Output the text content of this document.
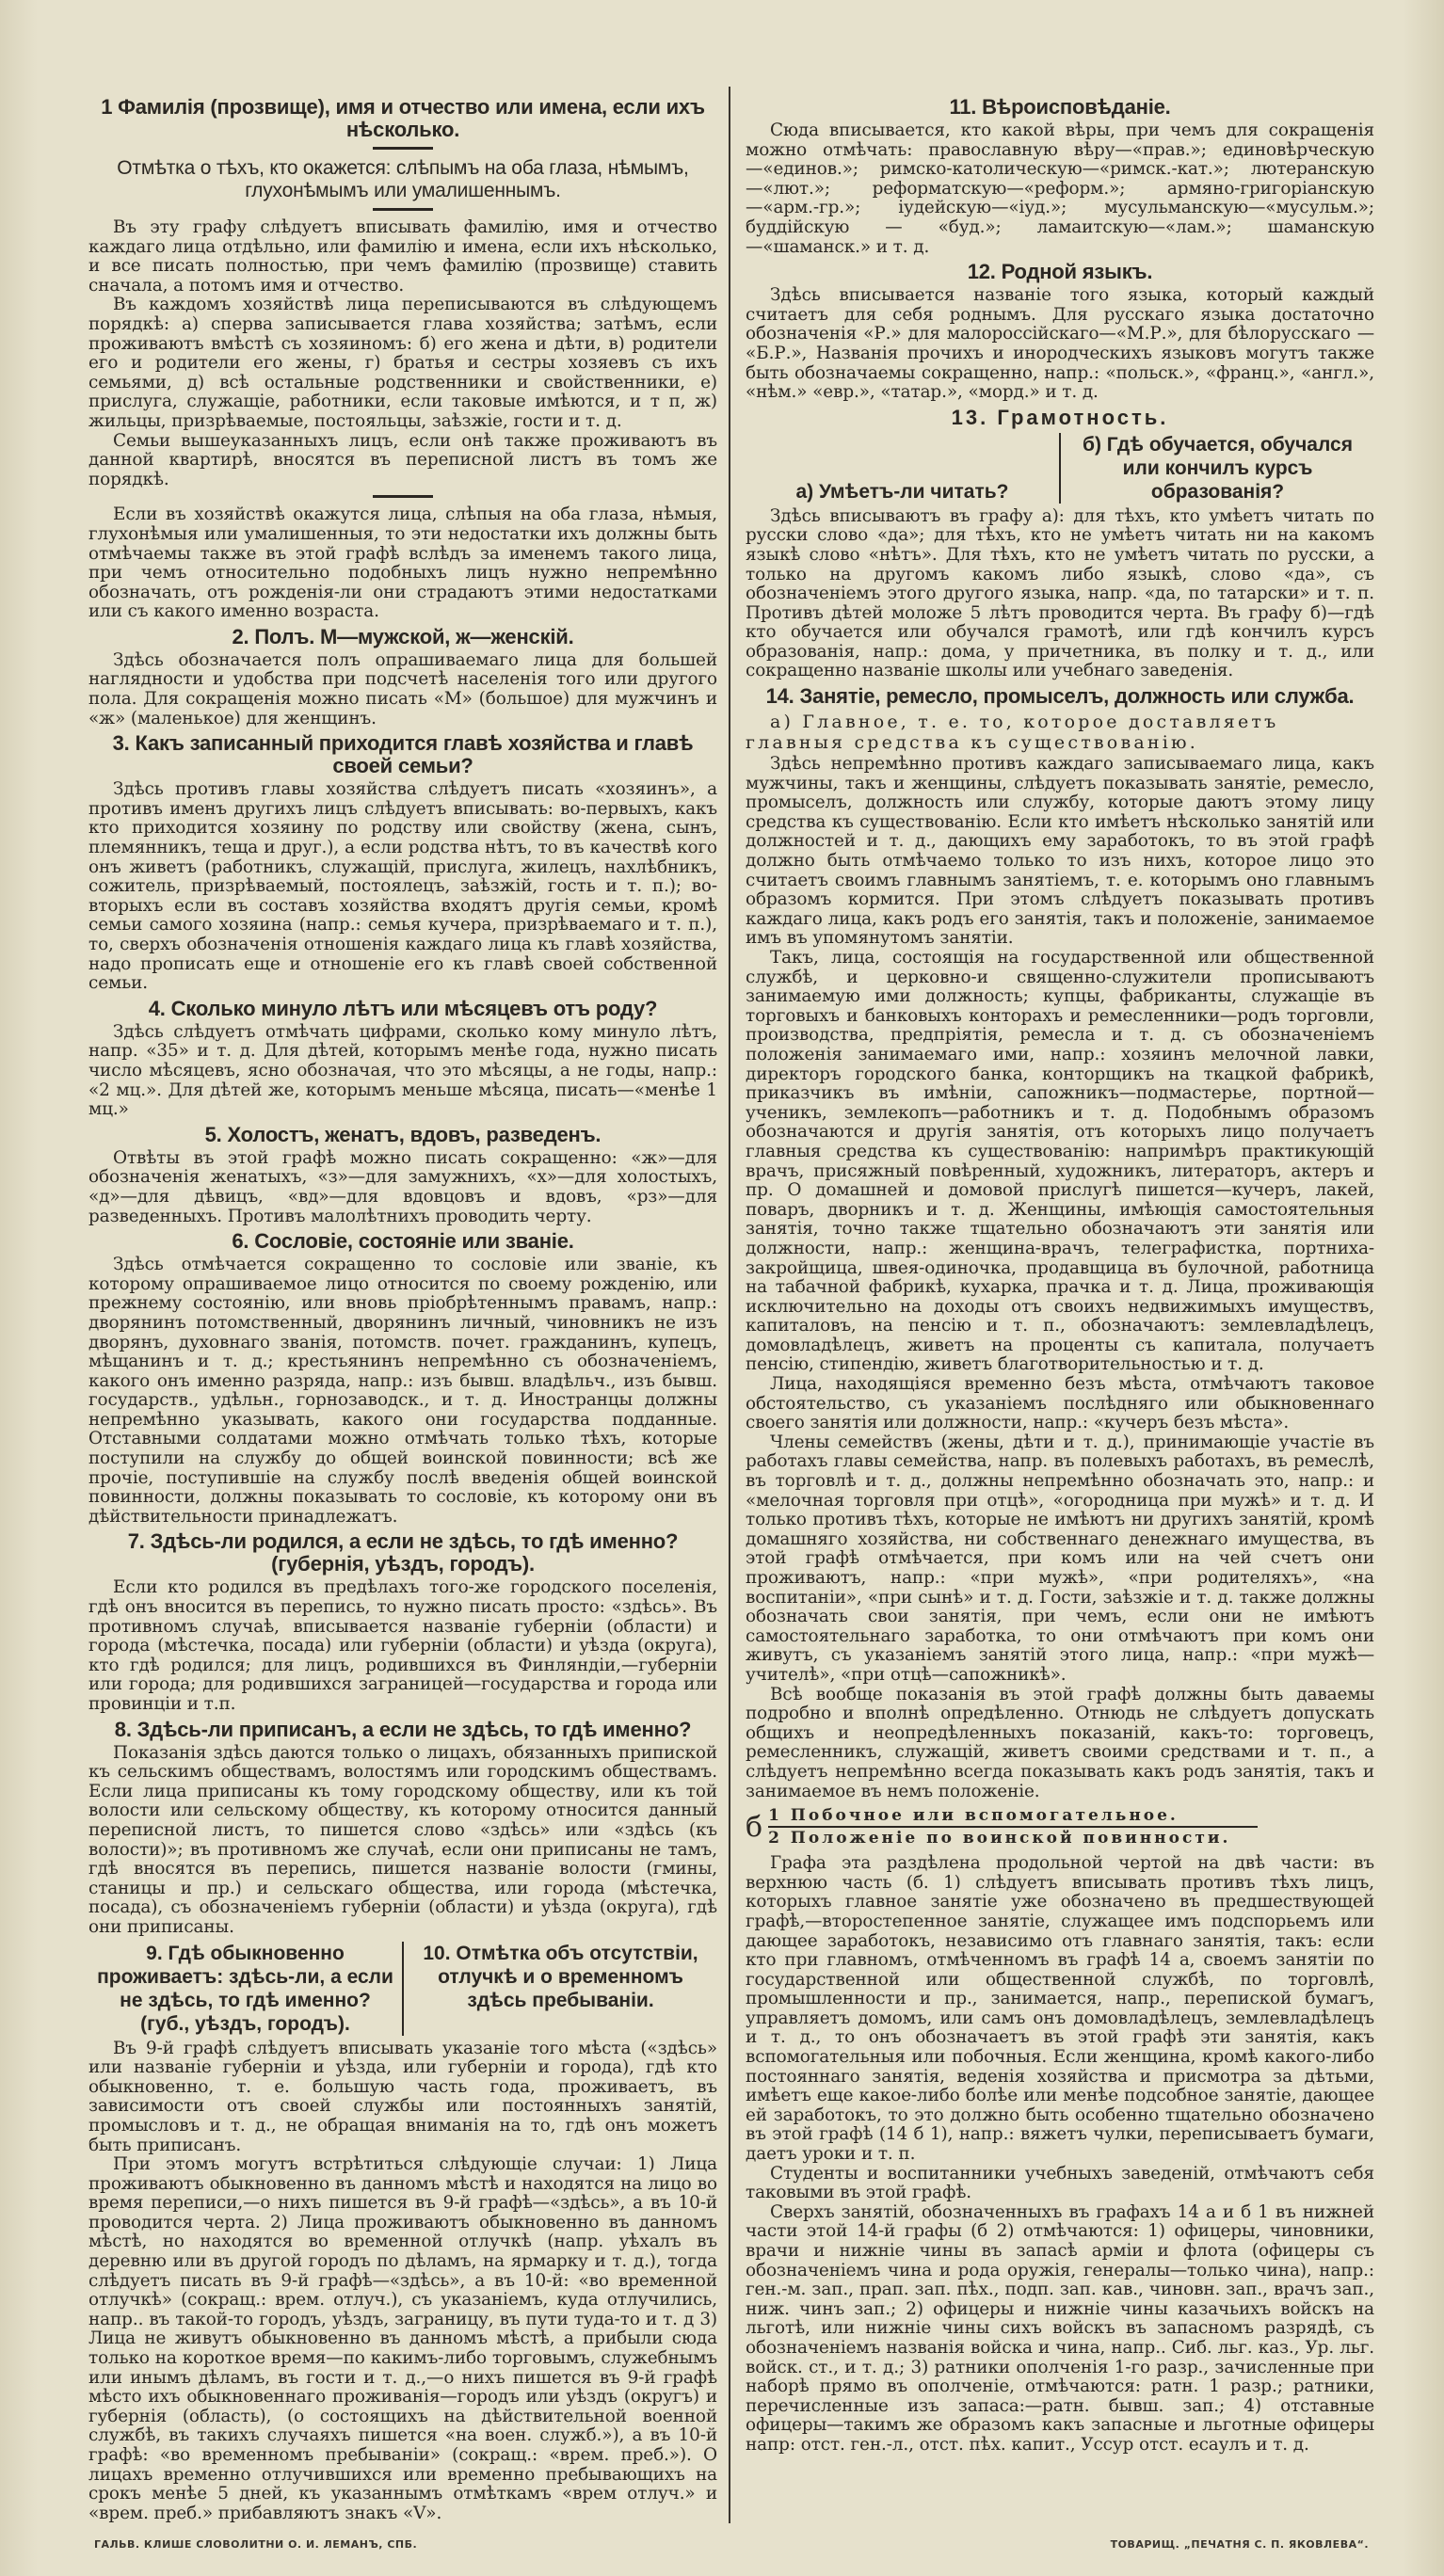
1 Фамилія (прозвище), имя и отчество или имена, если ихъ нѣсколько.
Отмѣтка о тѣхъ, кто окажется: слѣпымъ на оба глаза, нѣмымъ, глухонѣмымъ или умалишеннымъ.

Въ эту графу слѣдуетъ вписывать фамилію, имя и отчество каждаго лица отдѣльно, или фамилію и имена, если ихъ нѣсколько, и все писать полностью, при чемъ фамилію (прозвище) ставить сначала, а потомъ имя и отчество.

Въ каждомъ хозяйствѣ лица переписываются въ слѣдующемъ порядкѣ: а) сперва записывается глава хозяйства; затѣмъ, если проживаютъ вмѣстѣ съ хозяиномъ: б) его жена и дѣти, в) родители его и родители его жены, г) братья и сестры хозяевъ съ ихъ семьями, д) всѣ остальные родственники и свойственники, е) прислуга, служащіе, работники, если таковые имѣются, и т п, ж) жильцы, призрѣваемые, постояльцы, заѣзжіе, гости и т. д.

Семьи вышеуказанныхъ лицъ, если онѣ также проживаютъ въ данной квартирѣ, вносятся въ переписной листъ въ томъ же порядкѣ.

Если въ хозяйствѣ окажутся лица, слѣпыя на оба глаза, нѣмыя, глухонѣмыя или умалишенныя, то эти недостатки ихъ должны быть отмѣчаемы также въ этой графѣ вслѣдъ за именемъ такого лица, при чемъ относительно подобныхъ лицъ нужно непремѣнно обозначать, отъ рожденія-ли они страдаютъ этими недостатками или съ какого именно возраста.

2. Полъ. М—мужской, ж—женскій.

Здѣсь обозначается полъ опрашиваемаго лица для большей наглядности и удобства при подсчетѣ населенія того или другого пола. Для сокращенія можно писать «М» (большое) для мужчинъ и «ж» (маленькое) для женщинъ.

3. Какъ записанный приходится главѣ хозяйства и главѣ своей семьи?

Здѣсь противъ главы хозяйства слѣдуетъ писать «хозяинъ», а противъ именъ другихъ лицъ слѣдуетъ вписывать: во-первыхъ, какъ кто приходится хозяину по родству или свойству (жена, сынъ, племянникъ, теща и друг.), а если родства нѣтъ, то въ качествѣ кого онъ живетъ (работникъ, служащій, прислуга, жилецъ, нахлѣбникъ, сожитель, призрѣваемый, постоялецъ, заѣзжій, гость и т. п.); во-вторыхъ если въ составъ хозяйства входятъ другія семьи, кромѣ семьи самого хозяина (напр.: семья кучера, призрѣваемаго и т. п.), то, сверхъ обозначенія отношенія каждаго лица къ главѣ хозяйства, надо прописать еще и отношеніе его къ главѣ своей собственной семьи.

4. Сколько минуло лѣтъ или мѣсяцевъ отъ роду?

Здѣсь слѣдуетъ отмѣчать цифрами, сколько кому минуло лѣтъ, напр. «35» и т. д. Для дѣтей, которымъ менѣе года, нужно писать число мѣсяцевъ, ясно обозначая, что это мѣсяцы, а не годы, напр.: «2 мц.». Для дѣтей же, которымъ меньше мѣсяца, писать—«менѣе 1 мц.»

5. Холостъ, женатъ, вдовъ, разведенъ.

Отвѣты въ этой графѣ можно писать сокращенно: «ж»—для обозначенія женатыхъ, «з»—для замужнихъ, «х»—для холостыхъ, «д»—для дѣвицъ, «вд»—для вдовцовъ и вдовъ, «рз»—для разведенныхъ. Противъ малолѣтнихъ проводить черту.

6. Сословіе, состояніе или званіе.

Здѣсь отмѣчается сокращенно то сословіе или званіе, къ которому опрашиваемое лицо относится по своему рожденію, или прежнему состоянію, или вновь пріобрѣтеннымъ правамъ, напр.: дворянинъ потомственный, дворянинъ личный, чиновникъ не изъ дворянъ, духовнаго званія, потомств. почет. гражданинъ, купецъ, мѣщанинъ и т. д.; крестьянинъ непремѣнно съ обозначеніемъ, какого онъ именно разряда, напр.: изъ бывш. владѣльч., изъ бывш. государств., удѣльн., горнозаводск., и т. д. Иностранцы должны непремѣнно указывать, какого они государства подданные. Отставными солдатами можно отмѣчать только тѣхъ, которые поступили на службу до общей воинской повинности; всѣ же прочіе, поступившіе на службу послѣ введенія общей воинской повинности, должны показывать то сословіе, къ которому они въ дѣйствительности принадлежатъ.

7. Здѣсь-ли родился, а если не здѣсь, то гдѣ именно? (губернія, уѣздъ, городъ).

Если кто родился въ предѣлахъ того-же городского поселенія, гдѣ онъ вносится въ перепись, то нужно писать просто: «здѣсь». Въ противномъ случаѣ, вписывается названіе губерніи (области) и города (мѣстечка, посада) или губерніи (области) и уѣзда (округа), кто гдѣ родился; для лицъ, родившихся въ Финляндіи,—губерніи или города; для родившихся заграницей—государства и города или провинціи и т.п.

8. Здѣсь-ли приписанъ, а если не здѣсь, то гдѣ именно?

Показанія здѣсь даются только о лицахъ, обязанныхъ припиской къ сельскимъ обществамъ, волостямъ или городскимъ обществамъ. Если лица приписаны къ тому городскому обществу, или къ той волости или сельскому обществу, къ которому относится данный переписной листъ, то пишется слово «здѣсь» или «здѣсь (къ волости)»; въ противномъ же случаѣ, если они приписаны не тамъ, гдѣ вносятся въ перепись, пишется названіе волости (гмины, станицы и пр.) и сельскаго общества, или города (мѣстечка, посада), съ обозначеніемъ губерніи (области) и уѣзда (округа), гдѣ они приписаны.

9. Гдѣ обыкновенно проживаетъ: здѣсь-ли, а если не здѣсь, то гдѣ именно? (губ., уѣздъ, городъ).
10. Отмѣтка объ отсутствіи, отлучкѣ и о временномъ здѣсь пребываніи.

Въ 9-й графѣ слѣдуетъ вписывать указаніе того мѣста («здѣсь» или названіе губерніи и уѣзда, или губерніи и города), гдѣ кто обыкновенно, т. е. большую часть года, проживаетъ, въ зависимости отъ своей службы или постоянныхъ занятій, промысловъ и т. д., не обращая вниманія на то, гдѣ онъ можетъ быть приписанъ.

При этомъ могутъ встрѣтиться слѣдующіе случаи: 1) Лица проживаютъ обыкновенно въ данномъ мѣстѣ и находятся на лицо во время переписи,—о нихъ пишется въ 9-й графѣ—«здѣсь», а въ 10-й проводится черта. 2) Лица проживаютъ обыкновенно въ данномъ мѣстѣ, но находятся во временной отлучкѣ (напр. уѣхалъ въ деревню или въ другой городъ по дѣламъ, на ярмарку и т. д.), тогда слѣдуетъ писать въ 9-й графѣ—«здѣсь», а въ 10-й: «во временной отлучкѣ» (сокращ.: врем. отлуч.), съ указаніемъ, куда отлучились, напр.. въ такой-то городъ, уѣздъ, заграницу, въ пути туда-то и т. д 3) Лица не живутъ обыкновенно въ данномъ мѣстѣ, а прибыли сюда только на короткое время—по какимъ-либо торговымъ, служебнымъ или инымъ дѣламъ, въ гости и т. д.,—о нихъ пишется въ 9-й графѣ мѣсто ихъ обыкновеннаго проживанія—городъ или уѣздъ (округъ) и губернія (область), (о состоящихъ на дѣйствительной военной службѣ, въ такихъ случаяхъ пишется «на воен. служб.»), а въ 10-й графѣ: «во временномъ пребываніи» (сокращ.: «врем. преб.»). О лицахъ временно отлучившихся или временно пребывающихъ на срокъ менѣе 5 дней, къ указаннымъ отмѣткамъ «врем отлуч.» и «врем. преб.» прибавляютъ знакъ «V».

11. Вѣроисповѣданіе.

Сюда вписывается, кто какой вѣры, при чемъ для сокращенія можно отмѣчать: православную вѣру—«прав.»; единовѣрческую—«единов.»; римско-католическую—«римск.-кат.»; лютеранскую—«лют.»; реформатскую—«реформ.»; армяно-григоріанскую—«арм.-гр.»; іудейскую—«іуд.»; мусульманскую—«мусульм.»; буддійскую — «буд.»; ламаитскую—«лам.»; шаманскую—«шаманск.» и т. д.

12. Родной языкъ.

Здѣсь вписывается названіе того языка, который каждый считаетъ для себя роднымъ. Для русскаго языка достаточно обозначенія «Р.» для малороссійскаго—«М.Р.», для бѣлорусскаго — «Б.Р.», Названія прочихъ и инородческихъ языковъ могутъ также быть обозначаемы сокращенно, напр.: «польск.», «франц.», «англ.», «нѣм.» «евр.», «татар.», «морд.» и т. д.

13. Грамотность.
а) Умѣетъ-ли читать?
б) Гдѣ обучается, обучался или кончилъ курсъ образованія?

Здѣсь вписываютъ въ графу а): для тѣхъ, кто умѣетъ читать по русски слово «да»; для тѣхъ, кто не умѣетъ читать ни на какомъ языкѣ слово «нѣтъ». Для тѣхъ, кто не умѣетъ читать по русски, а только на другомъ какомъ либо языкѣ, слово «да», съ обозначеніемъ этого другого языка, напр. «да, по татарски» и т. п. Противъ дѣтей моложе 5 лѣтъ проводится черта. Въ графу б)—гдѣ кто обучается или обучался грамотѣ, или гдѣ кончилъ курсъ образованія, напр.: дома, у причетника, въ полку и т. д., или сокращенно названіе школы или учебнаго заведенія.

14. Занятіе, ремесло, промыселъ, должность или служба.
а) Главное, т. е. то, которое доставляетъ главныя средства къ существованію.

Здѣсь непремѣнно противъ каждаго записываемаго лица, какъ мужчины, такъ и женщины, слѣдуетъ показывать занятіе, ремесло, промыселъ, должность или службу, которые даютъ этому лицу средства къ существованію. Если кто имѣетъ нѣсколько занятій или должностей и т. д., дающихъ ему заработокъ, то въ этой графѣ должно быть отмѣчаемо только то изъ нихъ, которое лицо это считаетъ своимъ главнымъ занятіемъ, т. е. которымъ оно главнымъ образомъ кормится. При этомъ слѣдуетъ показывать противъ каждаго лица, какъ родъ его занятія, такъ и положеніе, занимаемое имъ въ упомянутомъ занятіи.

Такъ, лица, состоящія на государственной или общественной службѣ, и церковно-и священно-служители прописываютъ занимаемую ими должность; купцы, фабриканты, служащіе въ торговыхъ и банковыхъ конторахъ и ремесленники—родъ торговли, производства, предпріятія, ремесла и т. д. съ обозначеніемъ положенія занимаемаго ими, напр.: хозяинъ мелочной лавки, директоръ городского банка, конторщикъ на ткацкой фабрикѣ, приказчикъ въ имѣніи, сапожникъ—подмастерье, портной—ученикъ, землекопъ—работникъ и т. д. Подобнымъ образомъ обозначаются и другія занятія, отъ которыхъ лицо получаетъ главныя средства къ существованію: напримѣръ практикующій врачъ, присяжный повѣренный, художникъ, литераторъ, актеръ и пр. О домашней и домовой прислугѣ пишется—кучеръ, лакей, поваръ, дворникъ и т. д. Женщины, имѣющія самостоятельныя занятія, точно также тщательно обозначаютъ эти занятія или должности, напр.: женщина-врачъ, телеграфистка, портниха-закройщица, швея-одиночка, продавщица въ булочной, работница на табачной фабрикѣ, кухарка, прачка и т. д. Лица, проживающія исключительно на доходы отъ своихъ недвижимыхъ имуществъ, капиталовъ, на пенсію и т. п., обозначаютъ: землевладѣлецъ, домовладѣлецъ, живетъ на проценты съ капитала, получаетъ пенсію, стипендію, живетъ благотворительностью и т. д.

Лица, находящіяся временно безъ мѣста, отмѣчаютъ таковое обстоятельство, съ указаніемъ послѣдняго или обыкновеннаго своего занятія или должности, напр.: «кучеръ безъ мѣста».

Члены семействъ (жены, дѣти и т. д.), принимающіе участіе въ работахъ главы семейства, напр. въ полевыхъ работахъ, въ ремеслѣ, въ торговлѣ и т. д., должны непремѣнно обозначать это, напр.: и «мелочная торговля при отцѣ», «огородница при мужѣ» и т. д. И только противъ тѣхъ, которые не имѣютъ ни другихъ занятій, кромѣ домашняго хозяйства, ни собственнаго денежнаго имущества, въ этой графѣ отмѣчается, при комъ или на чей счетъ они проживаютъ, напр.: «при мужѣ», «при родителяхъ», «на воспитаніи», «при сынѣ» и т. д. Гости, заѣзжіе и т. д. также должны обозначать свои занятія, при чемъ, если они не имѣютъ самостоятельнаго заработка, то они отмѣчаютъ при комъ они живутъ, съ указаніемъ занятій этого лица, напр.: «при мужѣ—учителѣ», «при отцѣ—сапожникѣ».

Всѣ вообще показанія въ этой графѣ должны быть даваемы подробно и вполнѣ опредѣленно. Отнюдь не слѣдуетъ допускать общихъ и неопредѣленныхъ показаній, какъ-то: торговецъ, ремесленникъ, служащій, живетъ своими средствами и т. п., а слѣдуетъ непремѣнно всегда показывать какъ родъ занятія, такъ и занимаемое въ немъ положеніе.

б 1 Побочное или вспомогательное.
2 Положеніе по воинской повинности.

Графа эта раздѣлена продольной чертой на двѣ части: въ верхнюю часть (б. 1) слѣдуетъ вписывать противъ тѣхъ лицъ, которыхъ главное занятіе уже обозначено въ предшествующей графѣ,—второстепенное занятіе, служащее имъ подспорьемъ или дающее заработокъ, независимо отъ главнаго занятія, такъ: если кто при главномъ, отмѣченномъ въ графѣ 14 а, своемъ занятіи по государственной или общественной службѣ, по торговлѣ, промышленности и пр., занимается, напр., перепиской бумагъ, управляетъ домомъ, или самъ онъ домовладѣлецъ, землевладѣлецъ и т. д., то онъ обозначаетъ въ этой графѣ эти занятія, какъ вспомогательныя или побочныя. Если женщина, кромѣ какого-либо постояннаго занятія, веденія хозяйства и присмотра за дѣтьми, имѣетъ еще какое-либо болѣе или менѣе подсобное занятіе, дающее ей заработокъ, то это должно быть особенно тщательно обозначено въ этой графѣ (14 б 1), напр.: вяжетъ чулки, переписываетъ бумаги, даетъ уроки и т. п.

Студенты и воспитанники учебныхъ заведеній, отмѣчаютъ себя таковыми въ этой графѣ.

Сверхъ занятій, обозначенныхъ въ графахъ 14 а и б 1 въ нижней части этой 14-й графы (б 2) отмѣчаются: 1) офицеры, чиновники, врачи и нижніе чины въ запасѣ арміи и флота (офицеры съ обозначеніемъ чина и рода оружія, генералы—только чина), напр.: ген.-м. зап., прап. зап. пѣх., подп. зап. кав., чиновн. зап., врачъ зап., ниж. чинъ зап.; 2) офицеры и нижніе чины казачьихъ войскъ на льготѣ, или нижніе чины сихъ войскъ въ запасномъ разрядѣ, съ обозначеніемъ названія войска и чина, напр.. Сиб. льг. каз., Ур. льг. войск. ст., и т. д.; 3) ратники ополченія 1-го разр., зачисленные при наборѣ прямо въ ополченіе, отмѣчаются: ратн. 1 разр.; ратники, перечисленные изъ запаса:—ратн. бывш. зап.; 4) отставные офицеры—такимъ же образомъ какъ запасные и льготные офицеры напр: отст. ген.-л., отст. пѣх. капит., Уссур отст. есаулъ и т. д.

ГАЛЬВ. КЛИШЕ СЛОВОЛИТНИ О. И. ЛЕМАНЪ, СПБ.	ТОВАРИЩ. „ПЕЧАТНЯ С. П. ЯКОВЛЕВА“.
